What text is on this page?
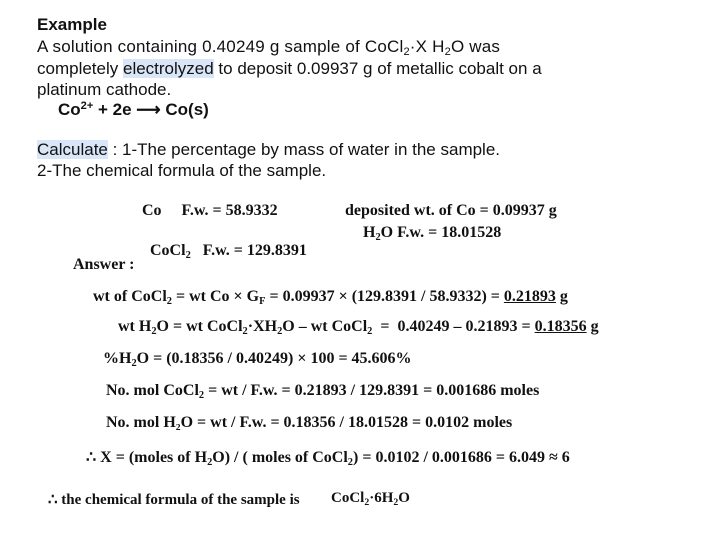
Example
A solution containing 0.40249 g sample of CoCl$_2$·X $H_2O$ was
completely electrolyzed to deposit 0.09937 g of metallic cobalt on a
platinum cathode.
$Co^{2+} + 2e$ ⟶ Co(s)
Calculate : 1-The percentage by mass of water in the sample.
2-The chemical formula of the sample.
Co     F.w. = 58.9332	deposited wt. of Co = 0.09937 g

CoCl$_2$   F.w. = 129.8391

$H_2O$ F.w. = 18.01528
Answer :
wt of CoCl$_2$ = wt $Co \times G_F = 0.09937 \times (129.8391 / 58.9332) = 0.21893$ g
wt $H_2O$ = wt $CoCl_2\cdot XH_2O$ – wt CoCl$_2$  =  0.40249 – 0.21893 = 0.18356 g
$\%H_2O = (0.18356 / 0.40249) \times 100 = 45.606\%$
No. mol CoCl$_2$ = wt / F.w. = 0.21893 / 129.8391 = 0.001686 moles
No. mol H₂O = wt / F.w. = 0.18356 / 18.01528 = 0.0102 moles
∴ X = (moles of $H_2O$) / ( moles of CoCl$_2$) = 0.0102 / 0.001686 = 6.049 ≈ 6
∴ the chemical formula of the sample is $CoCl_2\cdot 6H_2O$
